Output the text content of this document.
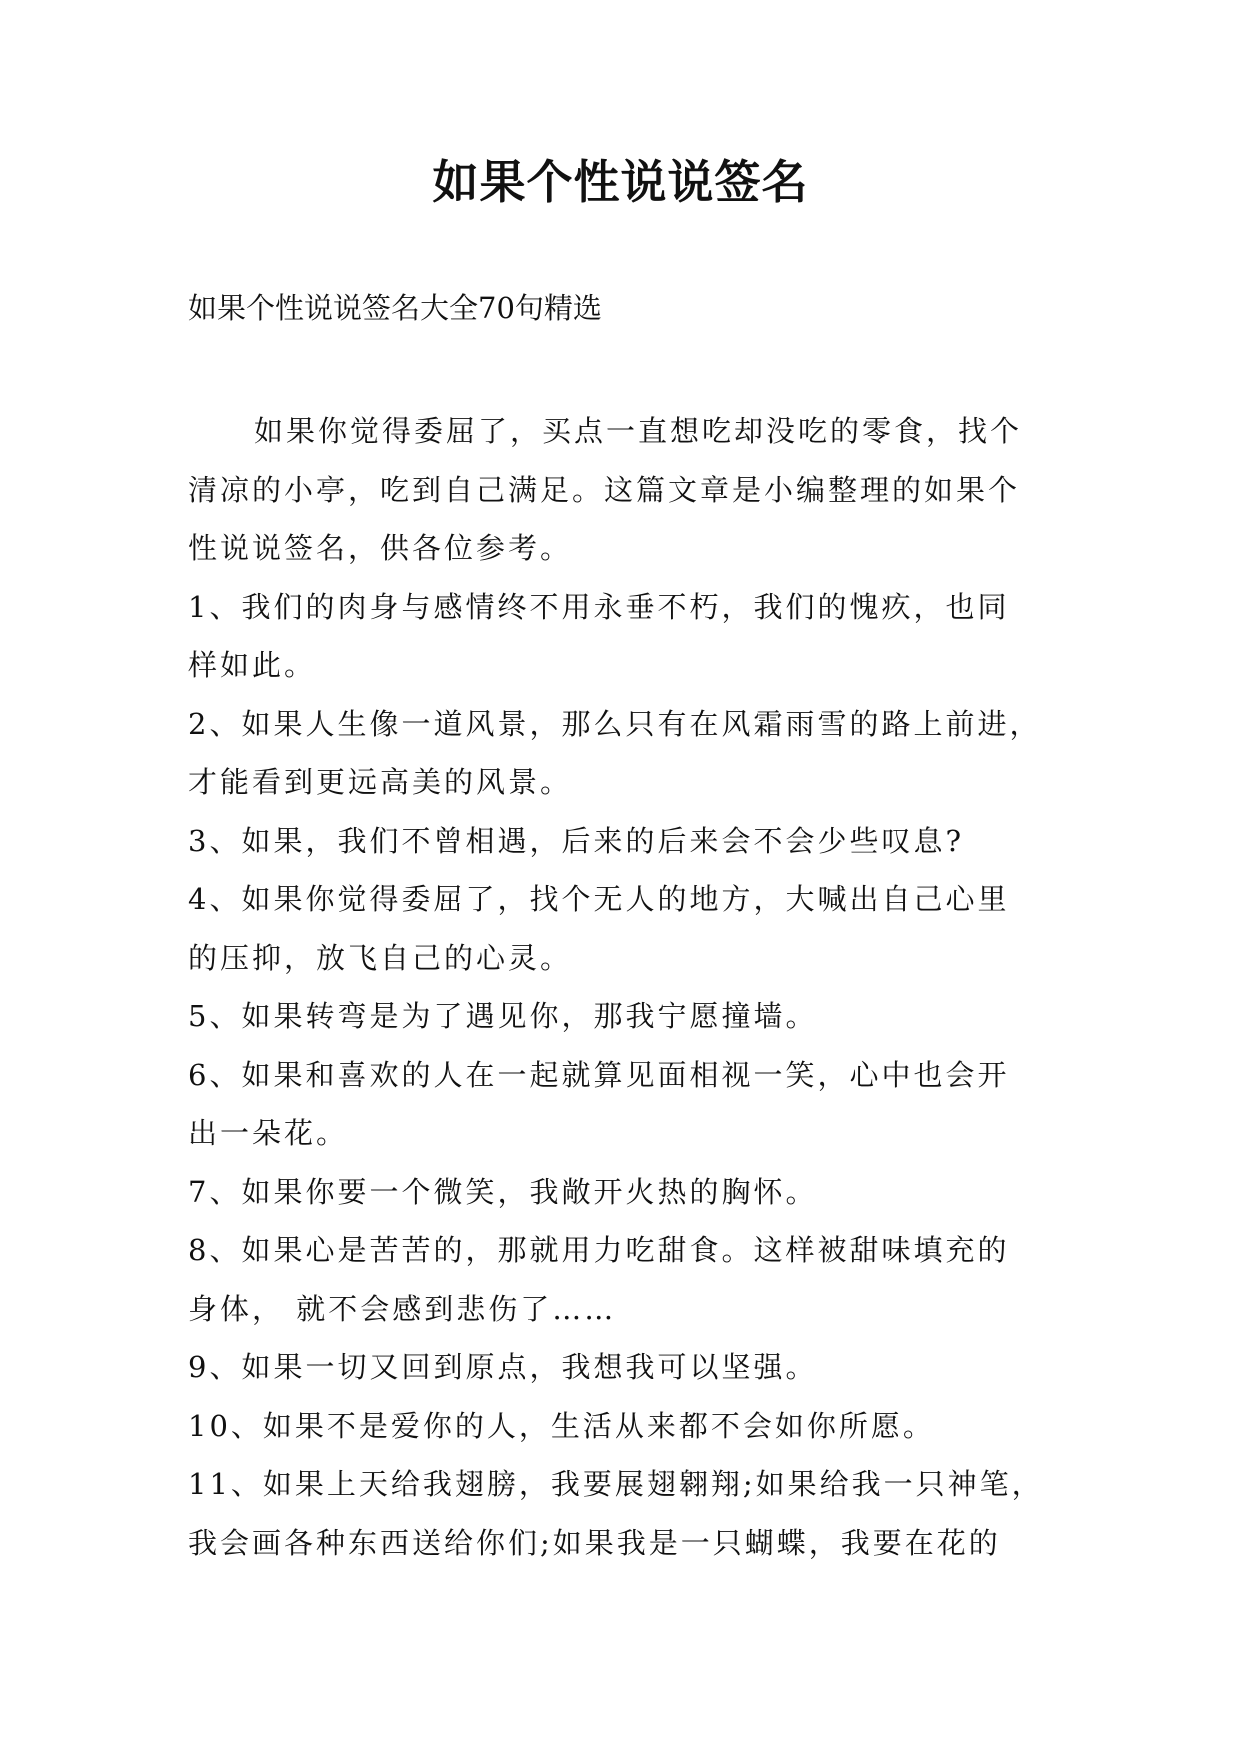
如果个性说说签名
如果个性说说签名大全70句精选

如果你觉得委屈了，买点一直想吃却没吃的零食，找个
清凉的小亭，吃到自己满足。这篇文章是小编整理的如果个
性说说签名，供各位参考。

1、我们的肉身与感情终不用永垂不朽，我们的愧疚，也同
样如此。

2、如果人生像一道风景，那么只有在风霜雨雪的路上前进，
才能看到更远高美的风景。

3、如果，我们不曾相遇，后来的后来会不会少些叹息?

4、如果你觉得委屈了，找个无人的地方，大喊出自己心里
的压抑，放飞自己的心灵。

5、如果转弯是为了遇见你，那我宁愿撞墙。

6、如果和喜欢的人在一起就算见面相视一笑，心中也会开
出一朵花。

7、如果你要一个微笑，我敞开火热的胸怀。

8、如果心是苦苦的，那就用力吃甜食。这样被甜味填充的
身体， 就不会感到悲伤了……

9、如果一切又回到原点，我想我可以坚强。

10、如果不是爱你的人，生活从来都不会如你所愿。

11、如果上天给我翅膀，我要展翅翱翔;如果给我一只神笔，
我会画各种东西送给你们;如果我是一只蝴蝶，我要在花的
